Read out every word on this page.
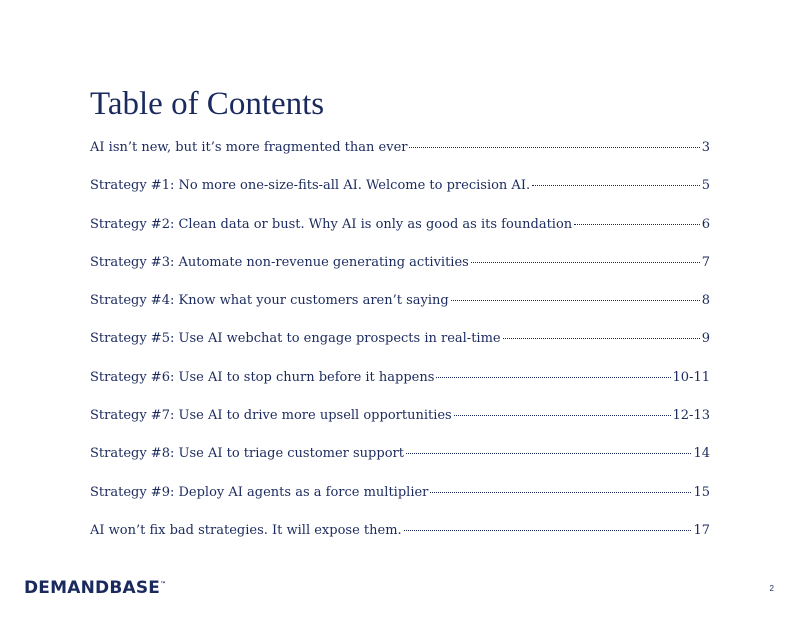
Table of Contents
AI isn’t new, but it’s more fragmented than ever	3
Strategy #1: No more one-size-fits-all AI. Welcome to precision AI.	5
Strategy #2: Clean data or bust. Why AI is only as good as its foundation	6
Strategy #3: Automate non-revenue generating activities	7
Strategy #4: Know what your customers aren’t saying	8
Strategy #5: Use AI webchat to engage prospects in real-time	9
Strategy #6: Use AI to stop churn before it happens	10-11
Strategy #7: Use AI to drive more upsell opportunities	12-13
Strategy #8: Use AI to triage customer support	14
Strategy #9: Deploy AI agents as a force multiplier	15
AI won’t fix bad strategies. It will expose them.	17
DEMANDBASE™	2
